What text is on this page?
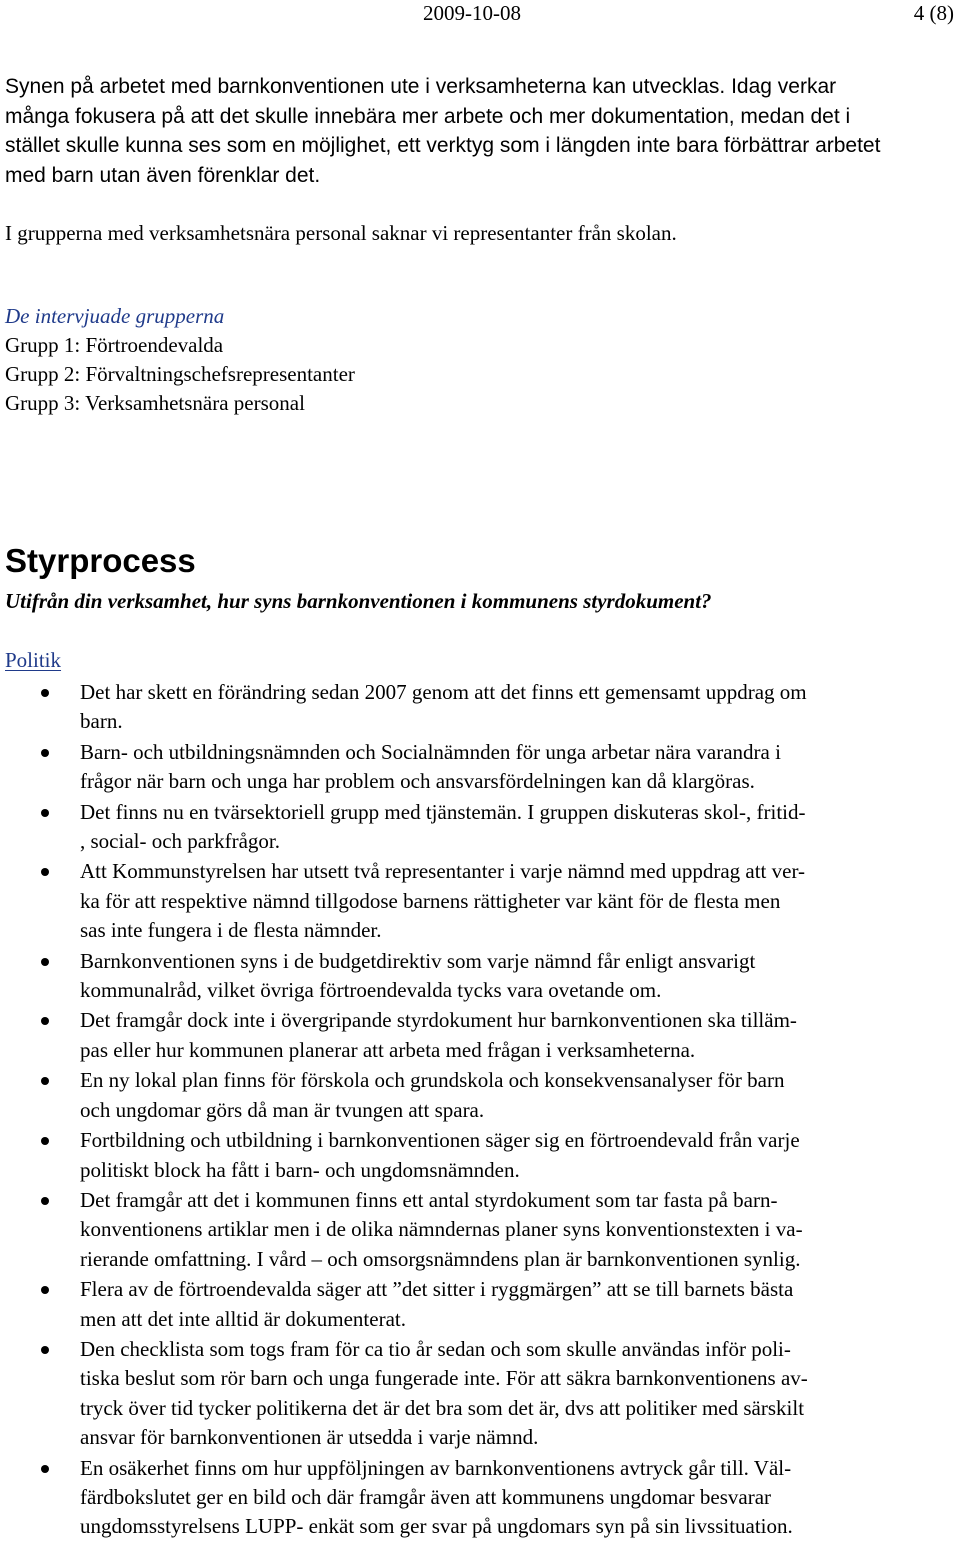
2009-10-08	4 (8)

Synen på arbetet med barnkonventionen ute i verksamheterna kan utvecklas. Idag verkar
många fokusera på att det skulle innebära mer arbete och mer dokumentation, medan det i
stället skulle kunna ses som en möjlighet, ett verktyg som i längden inte bara förbättrar arbetet
med barn utan även förenklar det.

I grupperna med verksamhetsnära personal saknar vi representanter från skolan.

De intervjuade grupperna
Grupp 1: Förtroendevalda
Grupp 2: Förvaltningschefsrepresentanter
Grupp 3: Verksamhetsnära personal
Styrprocess

Utifrån din verksamhet, hur syns barnkonventionen i kommunens styrdokument?

Politik

Det har skett en förändring sedan 2007 genom att det finns ett gemensamt uppdrag om
barn.
Barn- och utbildningsnämnden och Socialnämnden för unga arbetar nära varandra i
frågor när barn och unga har problem och ansvarsfördelningen kan då klargöras.
Det finns nu en tvärsektoriell grupp med tjänstemän. I gruppen diskuteras skol-, fritid-
, social- och parkfrågor.
Att Kommunstyrelsen har utsett två representanter i varje nämnd med uppdrag att ver-
ka för att respektive nämnd tillgodose barnens rättigheter var känt för de flesta men
sas inte fungera i de flesta nämnder.
Barnkonventionen syns i de budgetdirektiv som varje nämnd får enligt ansvarigt
kommunalråd, vilket övriga förtroendevalda tycks vara ovetande om.
Det framgår dock inte i övergripande styrdokument hur barnkonventionen ska tilläm-
pas eller hur kommunen planerar att arbeta med frågan i verksamheterna.
En ny lokal plan finns för förskola och grundskola och konsekvensanalyser för barn
och ungdomar görs då man är tvungen att spara.
Fortbildning och utbildning i barnkonventionen säger sig en förtroendevald från varje
politiskt block ha fått i barn- och ungdomsnämnden.
Det framgår att det i kommunen finns ett antal styrdokument som tar fasta på barn-
konventionens artiklar men i de olika nämndernas planer syns konventionstexten i va-
rierande omfattning. I vård – och omsorgsnämndens plan är barnkonventionen synlig.
Flera av de förtroendevalda säger att ”det sitter i ryggmärgen” att se till barnets bästa
men att det inte alltid är dokumenterat.
Den checklista som togs fram för ca tio år sedan och som skulle användas inför poli-
tiska beslut som rör barn och unga fungerade inte. För att säkra barnkonventionens av-
tryck över tid tycker politikerna det är det bra som det är, dvs att politiker med särskilt
ansvar för barnkonventionen är utsedda i varje nämnd.
En osäkerhet finns om hur uppföljningen av barnkonventionens avtryck går till. Väl-
färdbokslutet ger en bild och där framgår även att kommunens ungdomar besvarar
ungdomsstyrelsens LUPP- enkät som ger svar på ungdomars syn på sin livssituation.
